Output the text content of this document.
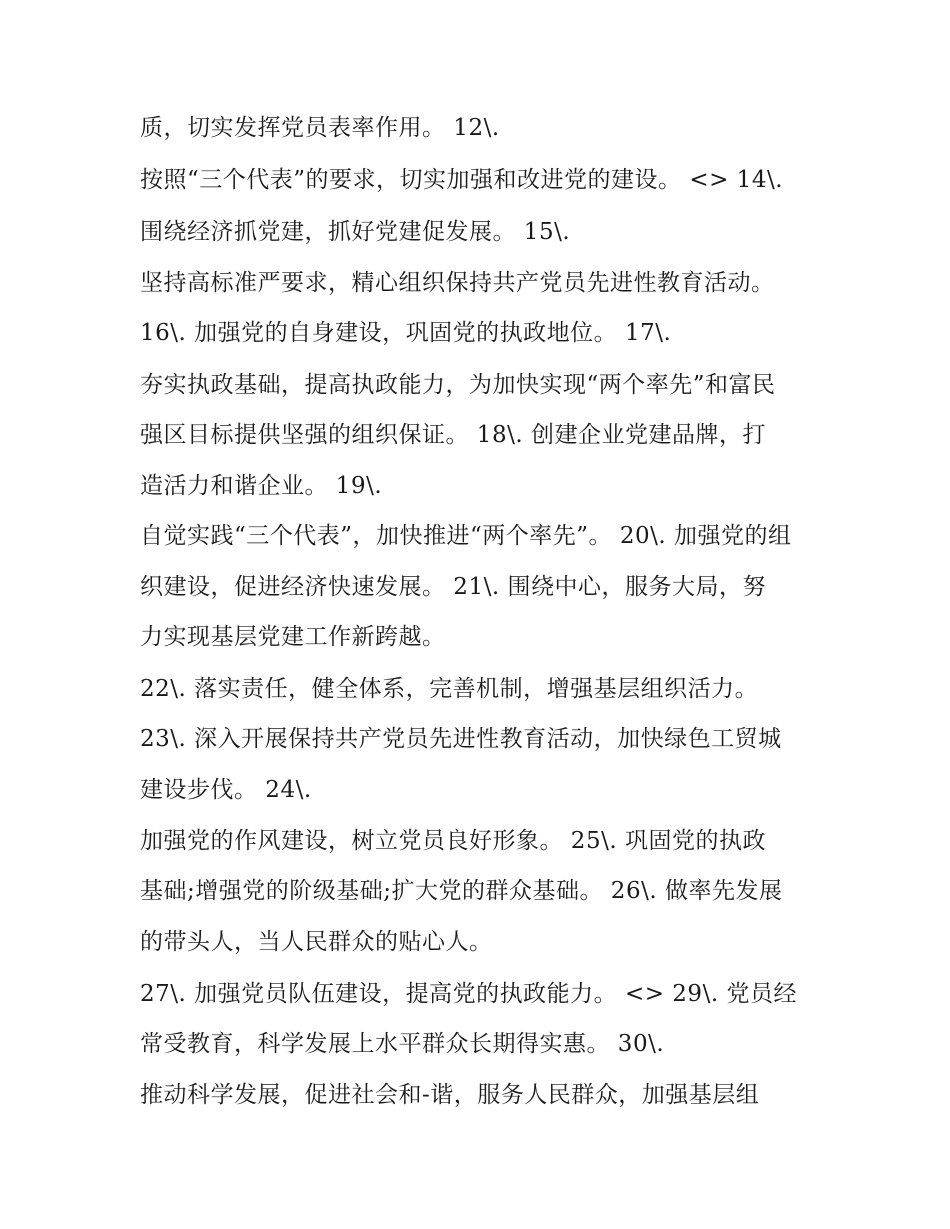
质，切实发挥党员表率作用。 12\.
按照“三个代表”的要求，切实加强和改进党的建设。 <> 14\.
围绕经济抓党建，抓好党建促发展。 15\.
坚持高标准严要求，精心组织保持共产党员先进性教育活动。
16\. 加强党的自身建设，巩固党的执政地位。 17\.
夯实执政基础，提高执政能力，为加快实现“两个率先”和富民
强区目标提供坚强的组织保证。 18\. 创建企业党建品牌，打
造活力和谐企业。 19\.
自觉实践“三个代表”，加快推进“两个率先”。 20\. 加强党的组
织建设，促进经济快速发展。 21\. 围绕中心，服务大局，努
力实现基层党建工作新跨越。
22\. 落实责任，健全体系，完善机制，增强基层组织活力。
23\. 深入开展保持共产党员先进性教育活动，加快绿色工贸城
建设步伐。 24\.
加强党的作风建设，树立党员良好形象。 25\. 巩固党的执政
基础;增强党的阶级基础;扩大党的群众基础。 26\. 做率先发展
的带头人，当人民群众的贴心人。
27\. 加强党员队伍建设，提高党的执政能力。 <> 29\. 党员经
常受教育，科学发展上水平群众长期得实惠。 30\.
推动科学发展，促进社会和-谐，服务人民群众，加强基层组
